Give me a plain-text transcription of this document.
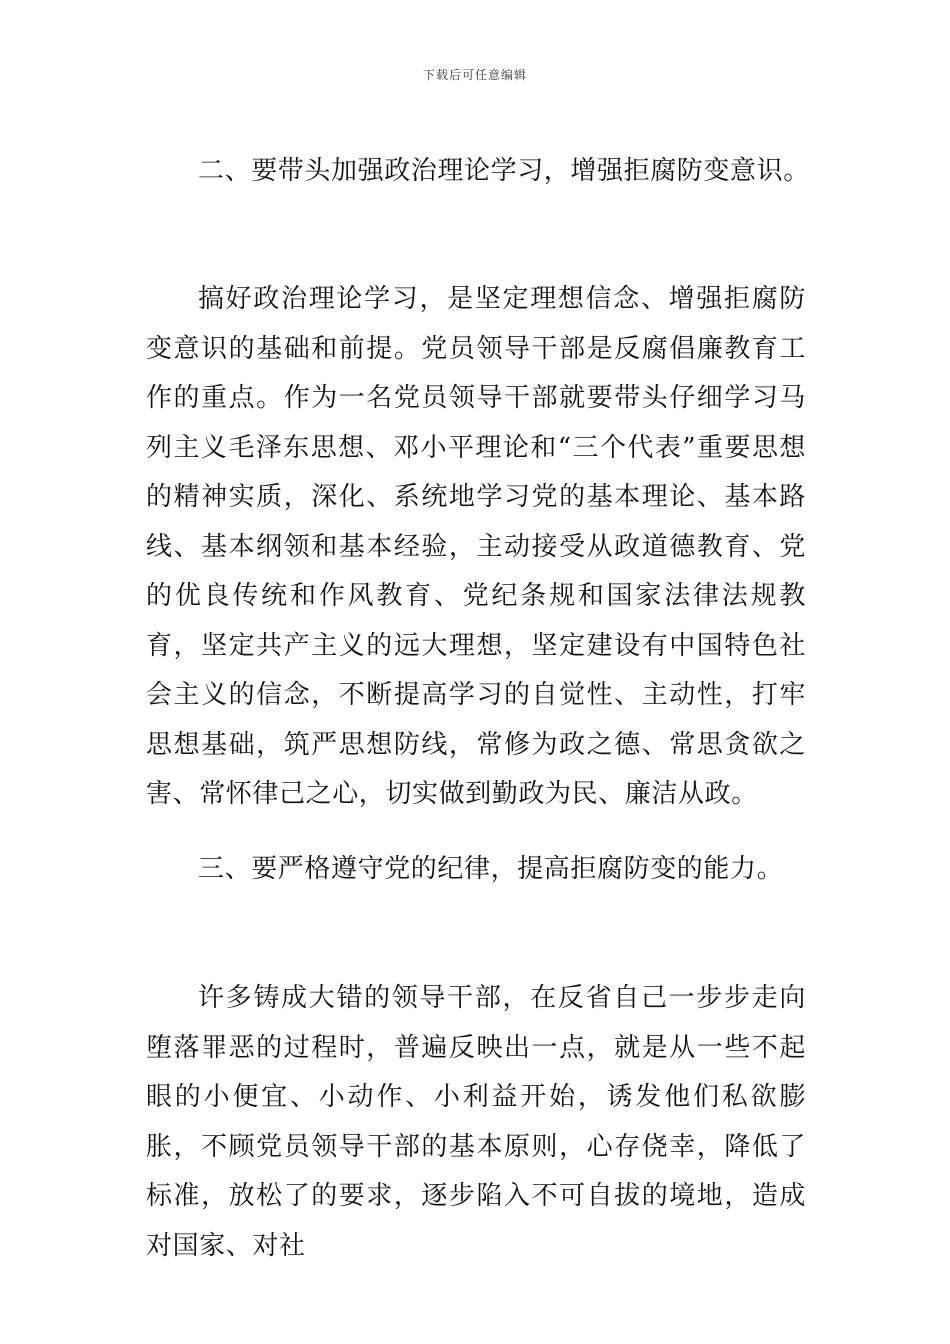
下载后可任意编辑
二、要带头加强政治理论学习，增强拒腐防变意识。
搞好政治理论学习，是坚定理想信念、增强拒腐防变意识的基础和前提。党员领导干部是反腐倡廉教育工作的重点。作为一名党员领导干部就要带头仔细学习马列主义毛泽东思想、邓小平理论和“三个代表”重要思想的精神实质，深化、系统地学习党的基本理论、基本路线、基本纲领和基本经验，主动接受从政道德教育、党的优良传统和作风教育、党纪条规和国家法律法规教育，坚定共产主义的远大理想，坚定建设有中国特色社会主义的信念，不断提高学习的自觉性、主动性，打牢思想基础，筑严思想防线，常修为政之德、常思贪欲之害、常怀律己之心，切实做到勤政为民、廉洁从政。
三、要严格遵守党的纪律，提高拒腐防变的能力。
许多铸成大错的领导干部，在反省自己一步步走向堕落罪恶的过程时，普遍反映出一点，就是从一些不起眼的小便宜、小动作、小利益开始，诱发他们私欲膨胀，不顾党员领导干部的基本原则，心存侥幸，降低了标准，放松了的要求，逐步陷入不可自拔的境地，造成对国家、对社
